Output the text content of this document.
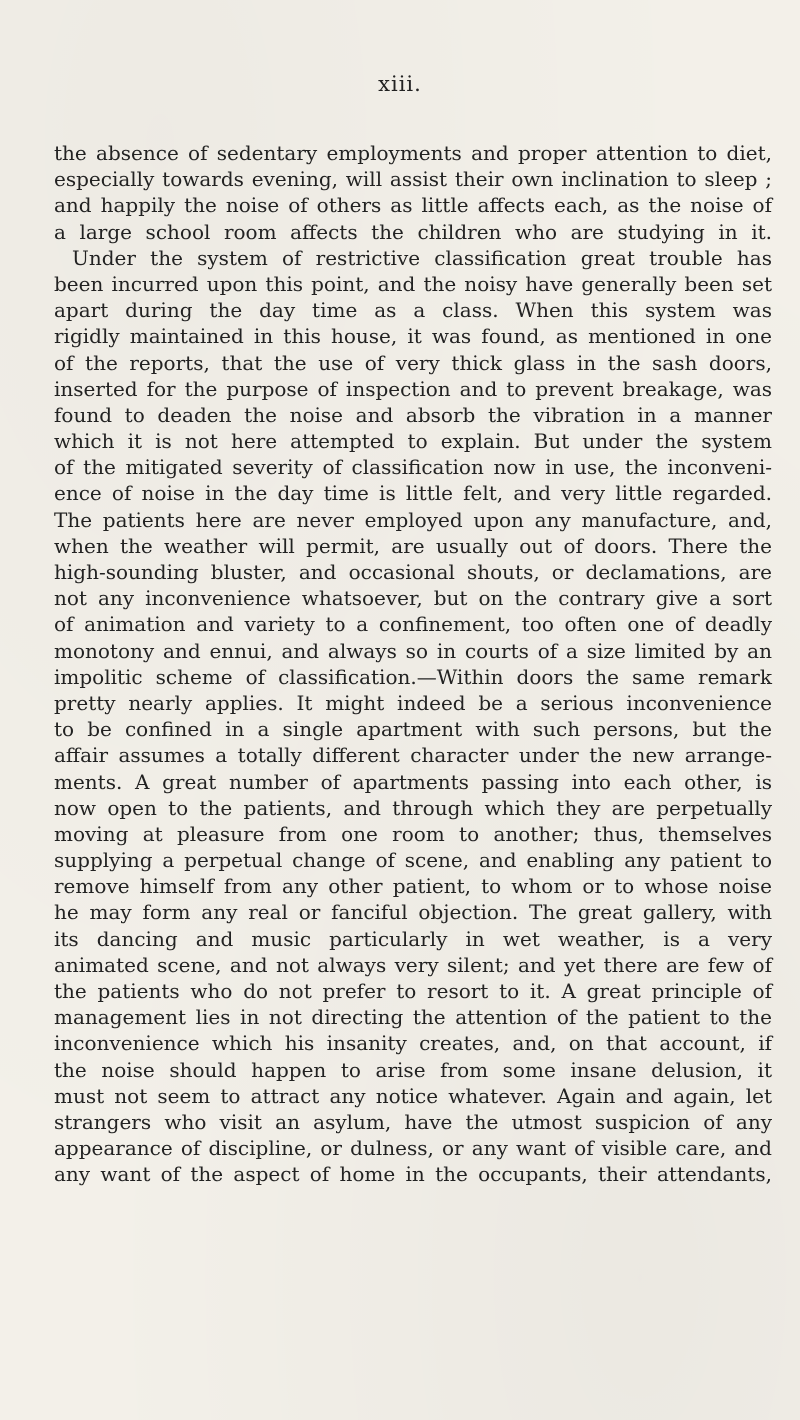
xiii.
the absence of sedentary employments and proper attention to diet,
especially towards evening, will assist their own inclination to sleep ;
and happily the noise of others as little affects each, as the noise of
a large school room affects the children who are studying in it.
Under the system of restrictive classification great trouble has
been incurred upon this point, and the noisy have generally been set
apart during the day time as a class. When this system was
rigidly maintained in this house, it was found, as mentioned in one
of the reports, that the use of very thick glass in the sash doors,
inserted for the purpose of inspection and to prevent breakage, was
found to deaden the noise and absorb the vibration in a manner
which it is not here attempted to explain. But under the system
of the mitigated severity of classification now in use, the inconveni-
ence of noise in the day time is little felt, and very little regarded.
The patients here are never employed upon any manufacture, and,
when the weather will permit, are usually out of doors. There the
high-sounding bluster, and occasional shouts, or declamations, are
not any inconvenience whatsoever, but on the contrary give a sort
of animation and variety to a confinement, too often one of deadly
monotony and ennui, and always so in courts of a size limited by an
impolitic scheme of classification.—Within doors the same remark
pretty nearly applies. It might indeed be a serious inconvenience
to be confined in a single apartment with such persons, but the
affair assumes a totally different character under the new arrange-
ments. A great number of apartments passing into each other, is
now open to the patients, and through which they are perpetually
moving at pleasure from one room to another; thus, themselves
supplying a perpetual change of scene, and enabling any patient to
remove himself from any other patient, to whom or to whose noise
he may form any real or fanciful objection. The great gallery, with
its dancing and music particularly in wet weather, is a very
animated scene, and not always very silent; and yet there are few of
the patients who do not prefer to resort to it. A great principle of
management lies in not directing the attention of the patient to the
inconvenience which his insanity creates, and, on that account, if
the noise should happen to arise from some insane delusion, it
must not seem to attract any notice whatever. Again and again, let
strangers who visit an asylum, have the utmost suspicion of any
appearance of discipline, or dulness, or any want of visible care, and
any want of the aspect of home in the occupants, their attendants,
